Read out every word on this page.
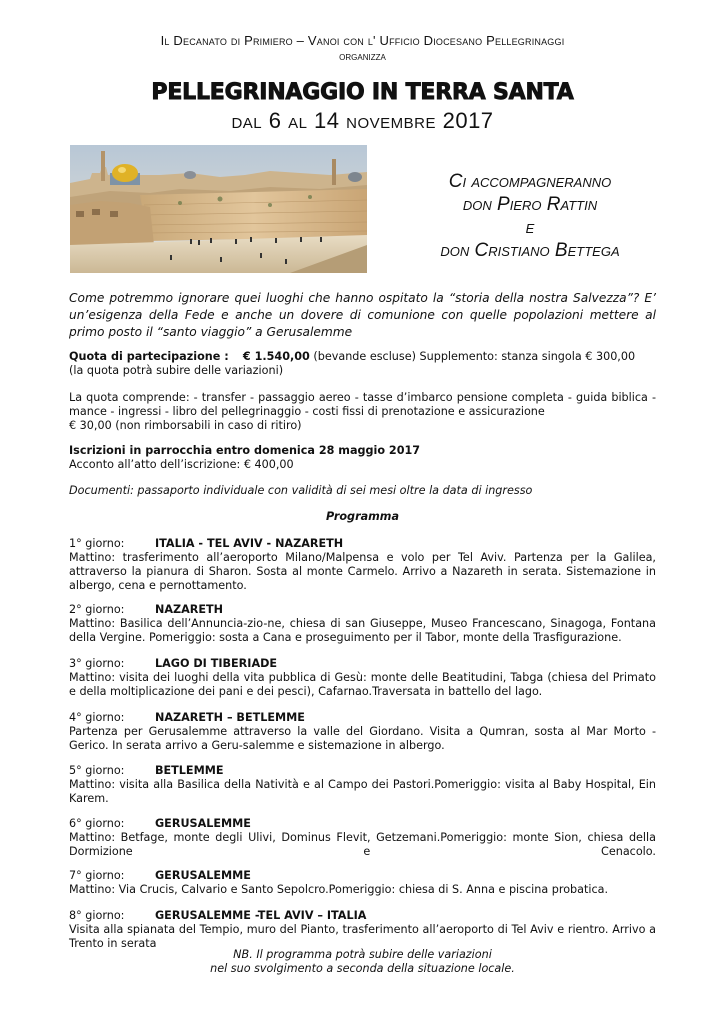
Il Decanato di Primiero – Vanoi con l' Ufficio Diocesano Pellegrinaggi
organizza
PELLEGRINAGGIO IN TERRA SANTA
dal 6 al 14 novembre 2017
Ci accompagneranno
don Piero Rattin
e
don Cristiano Bettega
Come potremmo ignorare quei luoghi che hanno ospitato la “storia della nostra Salvezza”? E’ un’esigenza della Fede e anche un dovere di comunione con quelle popolazioni mettere al primo posto il “santo viaggio” a Gerusalemme
Quota di partecipazione : € 1.540,00 (bevande escluse) Supplemento: stanza singola € 300,00
(la quota potrà subire delle variazioni)
La quota comprende: - transfer - passaggio aereo - tasse d’imbarco pensione completa - guida biblica - mance - ingressi - libro del pellegrinaggio - costi fissi di prenotazione e assicurazione
€ 30,00 (non rimborsabili in caso di ritiro)
Iscrizioni in parrocchia entro domenica 28 maggio 2017
Acconto all’atto dell’iscrizione: € 400,00
Documenti: passaporto individuale con validità di sei mesi oltre la data di ingresso
Programma
1° giorno:	ITALIA - TEL AVIV - NAZARETH
Mattino: trasferimento all’aeroporto Milano/Malpensa e volo per Tel Aviv. Partenza per la Galilea, attraverso la pianura di Sharon. Sosta al monte Carmelo. Arrivo a Nazareth in serata. Sistemazione in albergo, cena e pernottamento.
2° giorno:	NAZARETH
Mattino: Basilica dell’Annuncia-zio-ne, chiesa di san Giuseppe, Museo Francescano, Sinagoga, Fontana della Vergine. Pomeriggio: sosta a Cana e proseguimento per il Tabor, monte della Trasfigurazione.
3° giorno:	LAGO DI TIBERIADE
Mattino: visita dei luoghi della vita pubblica di Gesù: monte delle Beatitudini, Tabga (chiesa del Primato e della moltiplicazione dei pani e dei pesci), Cafarnao.Traversata in battello del lago.
4° giorno:	NAZARETH – BETLEMME
Partenza per Gerusalemme attraverso la valle del Giordano. Visita a Qumran, sosta al Mar Morto - Gerico. In serata arrivo a Geru-salemme e sistemazione in albergo.
5° giorno:	BETLEMME
Mattino: visita alla Basilica della Natività e al Campo dei Pastori.Pomeriggio: visita al Baby Hospital, Ein Karem.
6° giorno:	GERUSALEMME
Mattino: Betfage, monte degli Ulivi, Dominus Flevit, Getzemani.Pomeriggio: monte Sion, chiesa della Dormizione e Cenacolo.
7° giorno:	GERUSALEMME
Mattino: Via Crucis, Calvario e Santo Sepolcro.Pomeriggio: chiesa di S. Anna e piscina probatica.
8° giorno:	GERUSALEMME -TEL AVIV – ITALIA
Visita alla spianata del Tempio, muro del Pianto, trasferimento all’aeroporto di Tel Aviv e rientro. Arrivo a Trento in serata
NB. Il programma potrà subire delle variazioni
nel suo svolgimento a seconda della situazione locale.
